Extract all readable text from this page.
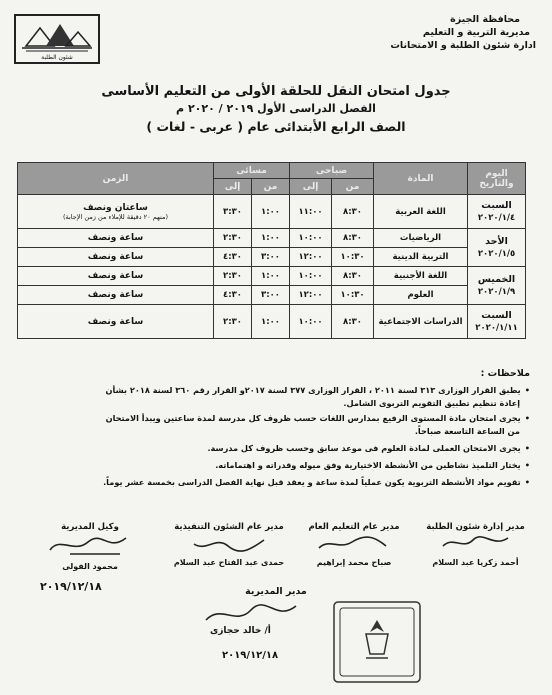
محافظة الجيزة
مديرية التربية و التعليم
ادارة شئون الطلبة و الامتحانات
شئون الطلبة
جدول امتحان النقل للحلقة الأولى من التعليم الأساسى
الفصل الدراسى الأول ٢٠١٩ / ٢٠٢٠ م
الصف الرابع الأبتدائى عام ( عربى - لغات )
اليوم
والتاريخ	المادة	صباحى		مسائى		الزمن
		من	إلى	من	إلى	
السبت
٢٠٢٠/١/٤	اللغة العربية	٨:٣٠	١١:٠٠	١:٠٠	٣:٣٠	ساعتان ونصف
(منهم ٢٠ دقيقة للإملاء من زمن الإجابة)

الأحد
٢٠٢٠/١/٥	الرياضيات	٨:٣٠	١٠:٠٠	١:٠٠	٢:٣٠	ساعة ونصف
	التربية الدينية	١٠:٣٠	١٢:٠٠	٣:٠٠	٤:٣٠	ساعة ونصف
الخميس
٢٠٢٠/١/٩	اللغة الأجنبية	٨:٣٠	١٠:٠٠	١:٠٠	٢:٣٠	ساعة ونصف
	العلوم	١٠:٣٠	١٢:٠٠	٣:٠٠	٤:٣٠	ساعة ونصف
السبت
٢٠٢٠/١/١١	الدراسات الاجتماعية	٨:٣٠	١٠:٠٠	١:٠٠	٢:٣٠	ساعة ونصف
ملاحظات :
• يطبق القرار الوزارى ٣١٣ لسنة ٢٠١١ ، القرار الوزارى ٣٧٧ لسنة ٢٠١٧و القرار رقم ٣٦٠ لسنة ٢٠١٨ بشأن
إعادة تنظيم تطبيق التقويم التربوى الشامل.
• يجرى امتحان مادة المستوى الرفيع بمدارس اللغات حسب ظروف كل مدرسة لمدة ساعتين ويبدأ الامتحان
من الساعة التاسعة صباحاً.
• يجرى الامتحان العملى لمادة العلوم فى موعد سابق وحسب ظروف كل مدرسة.
• يختار التلميذ نشاطين من الأنشطة الاختيارية وفق ميوله وقدراته و اهتماماته.
• تقويم مواد الأنشطة التربوية يكون عملياً لمدة ساعة و يعقد قبل نهاية الفصل الدراسى بخمسة عشر يوماً.
مدير إدارة شئون الطلبة
أحمد زكريا عبد السلام
مدير عام التعليم العام
صباح محمد إبراهيم
مدير عام الشئون التنفيذية
حمدى عبد الفتاح عبد السلام
وكيل المديرية
محمود الفولى
٢٠١٩/١٢/١٨	مدير المديرية
أ/ خالد حجازى
٢٠١٩/١٢/١٨
